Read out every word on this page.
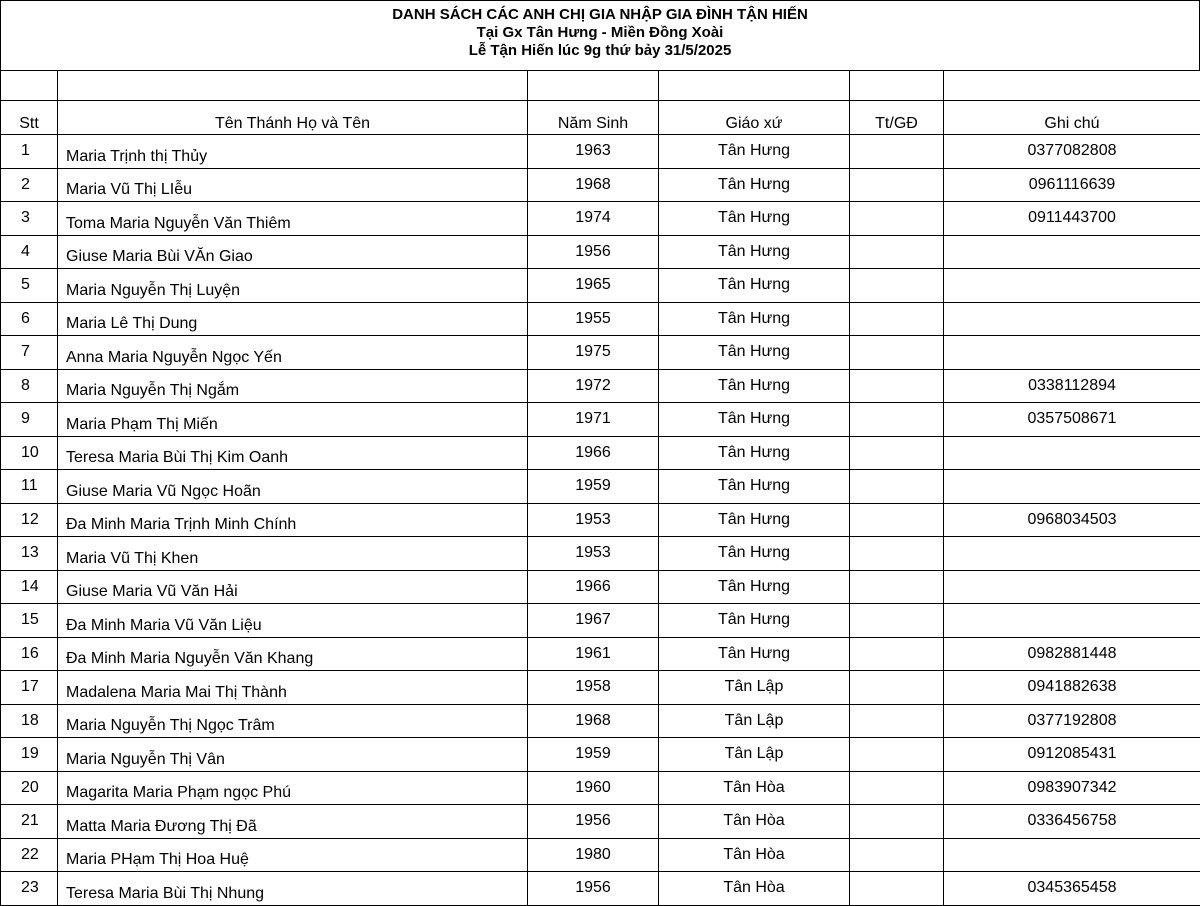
DANH SÁCH CÁC ANH CHỊ GIA NHẬP GIA ĐÌNH TẬN HIẾN
Tại Gx Tân Hưng - Miền Đồng Xoài
Lễ Tận Hiến lúc 9g thứ bảy 31/5/2025

Stt	Tên Thánh Họ và Tên	Năm Sinh	Giáo xứ	Tt/GĐ	Ghi chú
1	Maria Trịnh thị Thủy	1963	Tân Hưng		0377082808
2	Maria Vũ Thị LIễu	1968	Tân Hưng		0961116639
3	Toma Maria Nguyễn Văn Thiêm	1974	Tân Hưng		0911443700
4	Giuse Maria Bùi VĂn Giao	1956	Tân Hưng		
5	Maria Nguyễn Thị Luyện	1965	Tân Hưng		
6	Maria Lê Thị Dung	1955	Tân Hưng		
7	Anna Maria Nguyễn Ngọc Yến	1975	Tân Hưng		
8	Maria Nguyễn Thị Ngắm	1972	Tân Hưng		0338112894
9	Maria Phạm Thị Miến	1971	Tân Hưng		0357508671
10	Teresa Maria Bùi Thị Kim Oanh	1966	Tân Hưng		
11	Giuse Maria Vũ Ngọc Hoãn	1959	Tân Hưng		
12	Đa Minh Maria Trịnh Minh Chính	1953	Tân Hưng		0968034503
13	Maria Vũ Thị Khen	1953	Tân Hưng		
14	Giuse Maria Vũ Văn Hải	1966	Tân Hưng		
15	Đa Minh Maria Vũ Văn Liệu	1967	Tân Hưng		
16	Đa Minh Maria Nguyễn Văn Khang	1961	Tân Hưng		0982881448
17	Madalena Maria Mai Thị Thành	1958	Tân Lập		0941882638
18	Maria Nguyễn Thị Ngọc Trâm	1968	Tân Lập		0377192808
19	Maria Nguyễn Thị Vân	1959	Tân Lập		0912085431
20	Magarita Maria Phạm ngọc Phú	1960	Tân Hòa		0983907342
21	Matta Maria Đương Thị Đã	1956	Tân Hòa		0336456758
22	Maria PHạm Thị Hoa Huệ	1980	Tân Hòa		
23	Teresa Maria Bùi Thị Nhung	1956	Tân Hòa		0345365458
